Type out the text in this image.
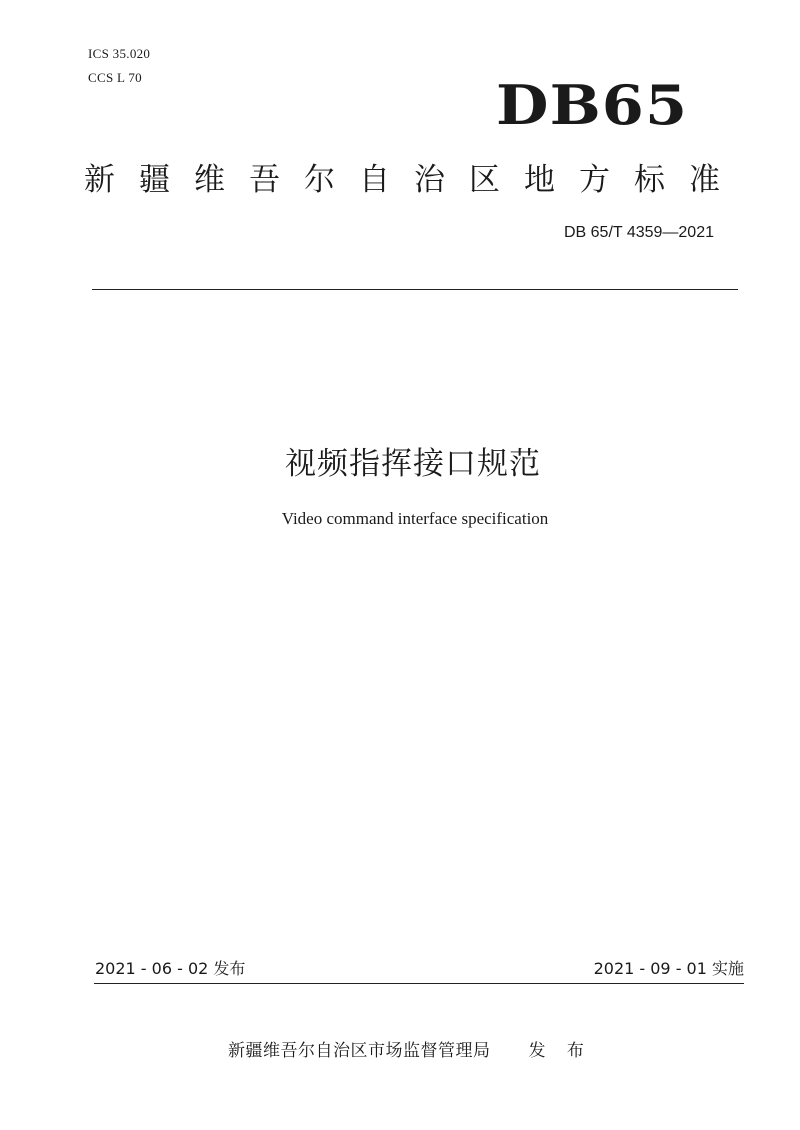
ICS 35.020
CCS L 70	DB65
新疆维吾尔自治区地方标准
DB 65/T 4359—2021
视频指挥接口规范
Video command interface specification
2021 - 06 - 02 发布	2021 - 09 - 01 实施
新疆维吾尔自治区市场监督管理局 发 布
